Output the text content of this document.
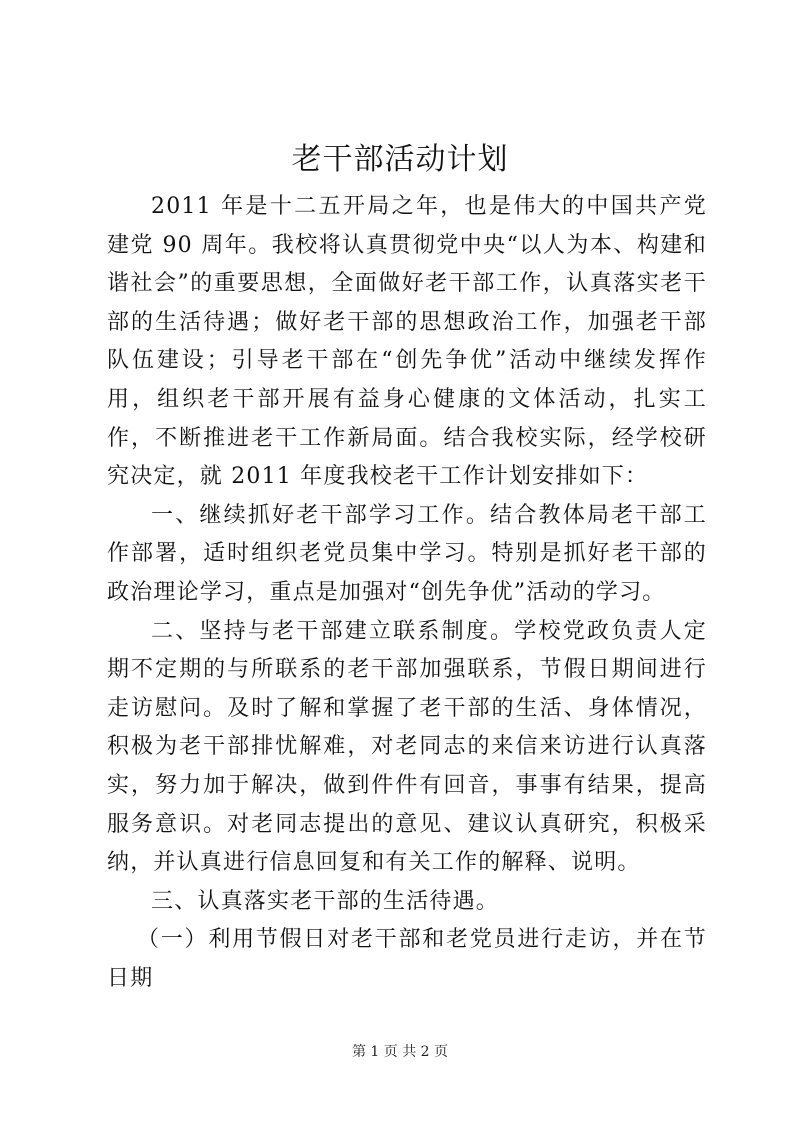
老干部活动计划

2011 年是十二五开局之年，也是伟大的中国共产党建党 90 周年。我校将认真贯彻党中央“以人为本、构建和谐社会”的重要思想，全面做好老干部工作，认真落实老干部的生活待遇；做好老干部的思想政治工作，加强老干部队伍建设；引导老干部在“创先争优”活动中继续发挥作用，组织老干部开展有益身心健康的文体活动，扎实工作，不断推进老干工作新局面。结合我校实际，经学校研究决定，就 2011 年度我校老干工作计划安排如下：

一、继续抓好老干部学习工作。结合教体局老干部工作部署，适时组织老党员集中学习。特别是抓好老干部的政治理论学习，重点是加强对“创先争优”活动的学习。

二、坚持与老干部建立联系制度。学校党政负责人定期不定期的与所联系的老干部加强联系，节假日期间进行走访慰问。及时了解和掌握了老干部的生活、身体情况，积极为老干部排忧解难，对老同志的来信来访进行认真落实，努力加于解决，做到件件有回音，事事有结果，提高服务意识。对老同志提出的意见、建议认真研究，积极采纳，并认真进行信息回复和有关工作的解释、说明。

三、认真落实老干部的生活待遇。

（一）利用节假日对老干部和老党员进行走访，并在节日期

第 1 页 共 2 页
